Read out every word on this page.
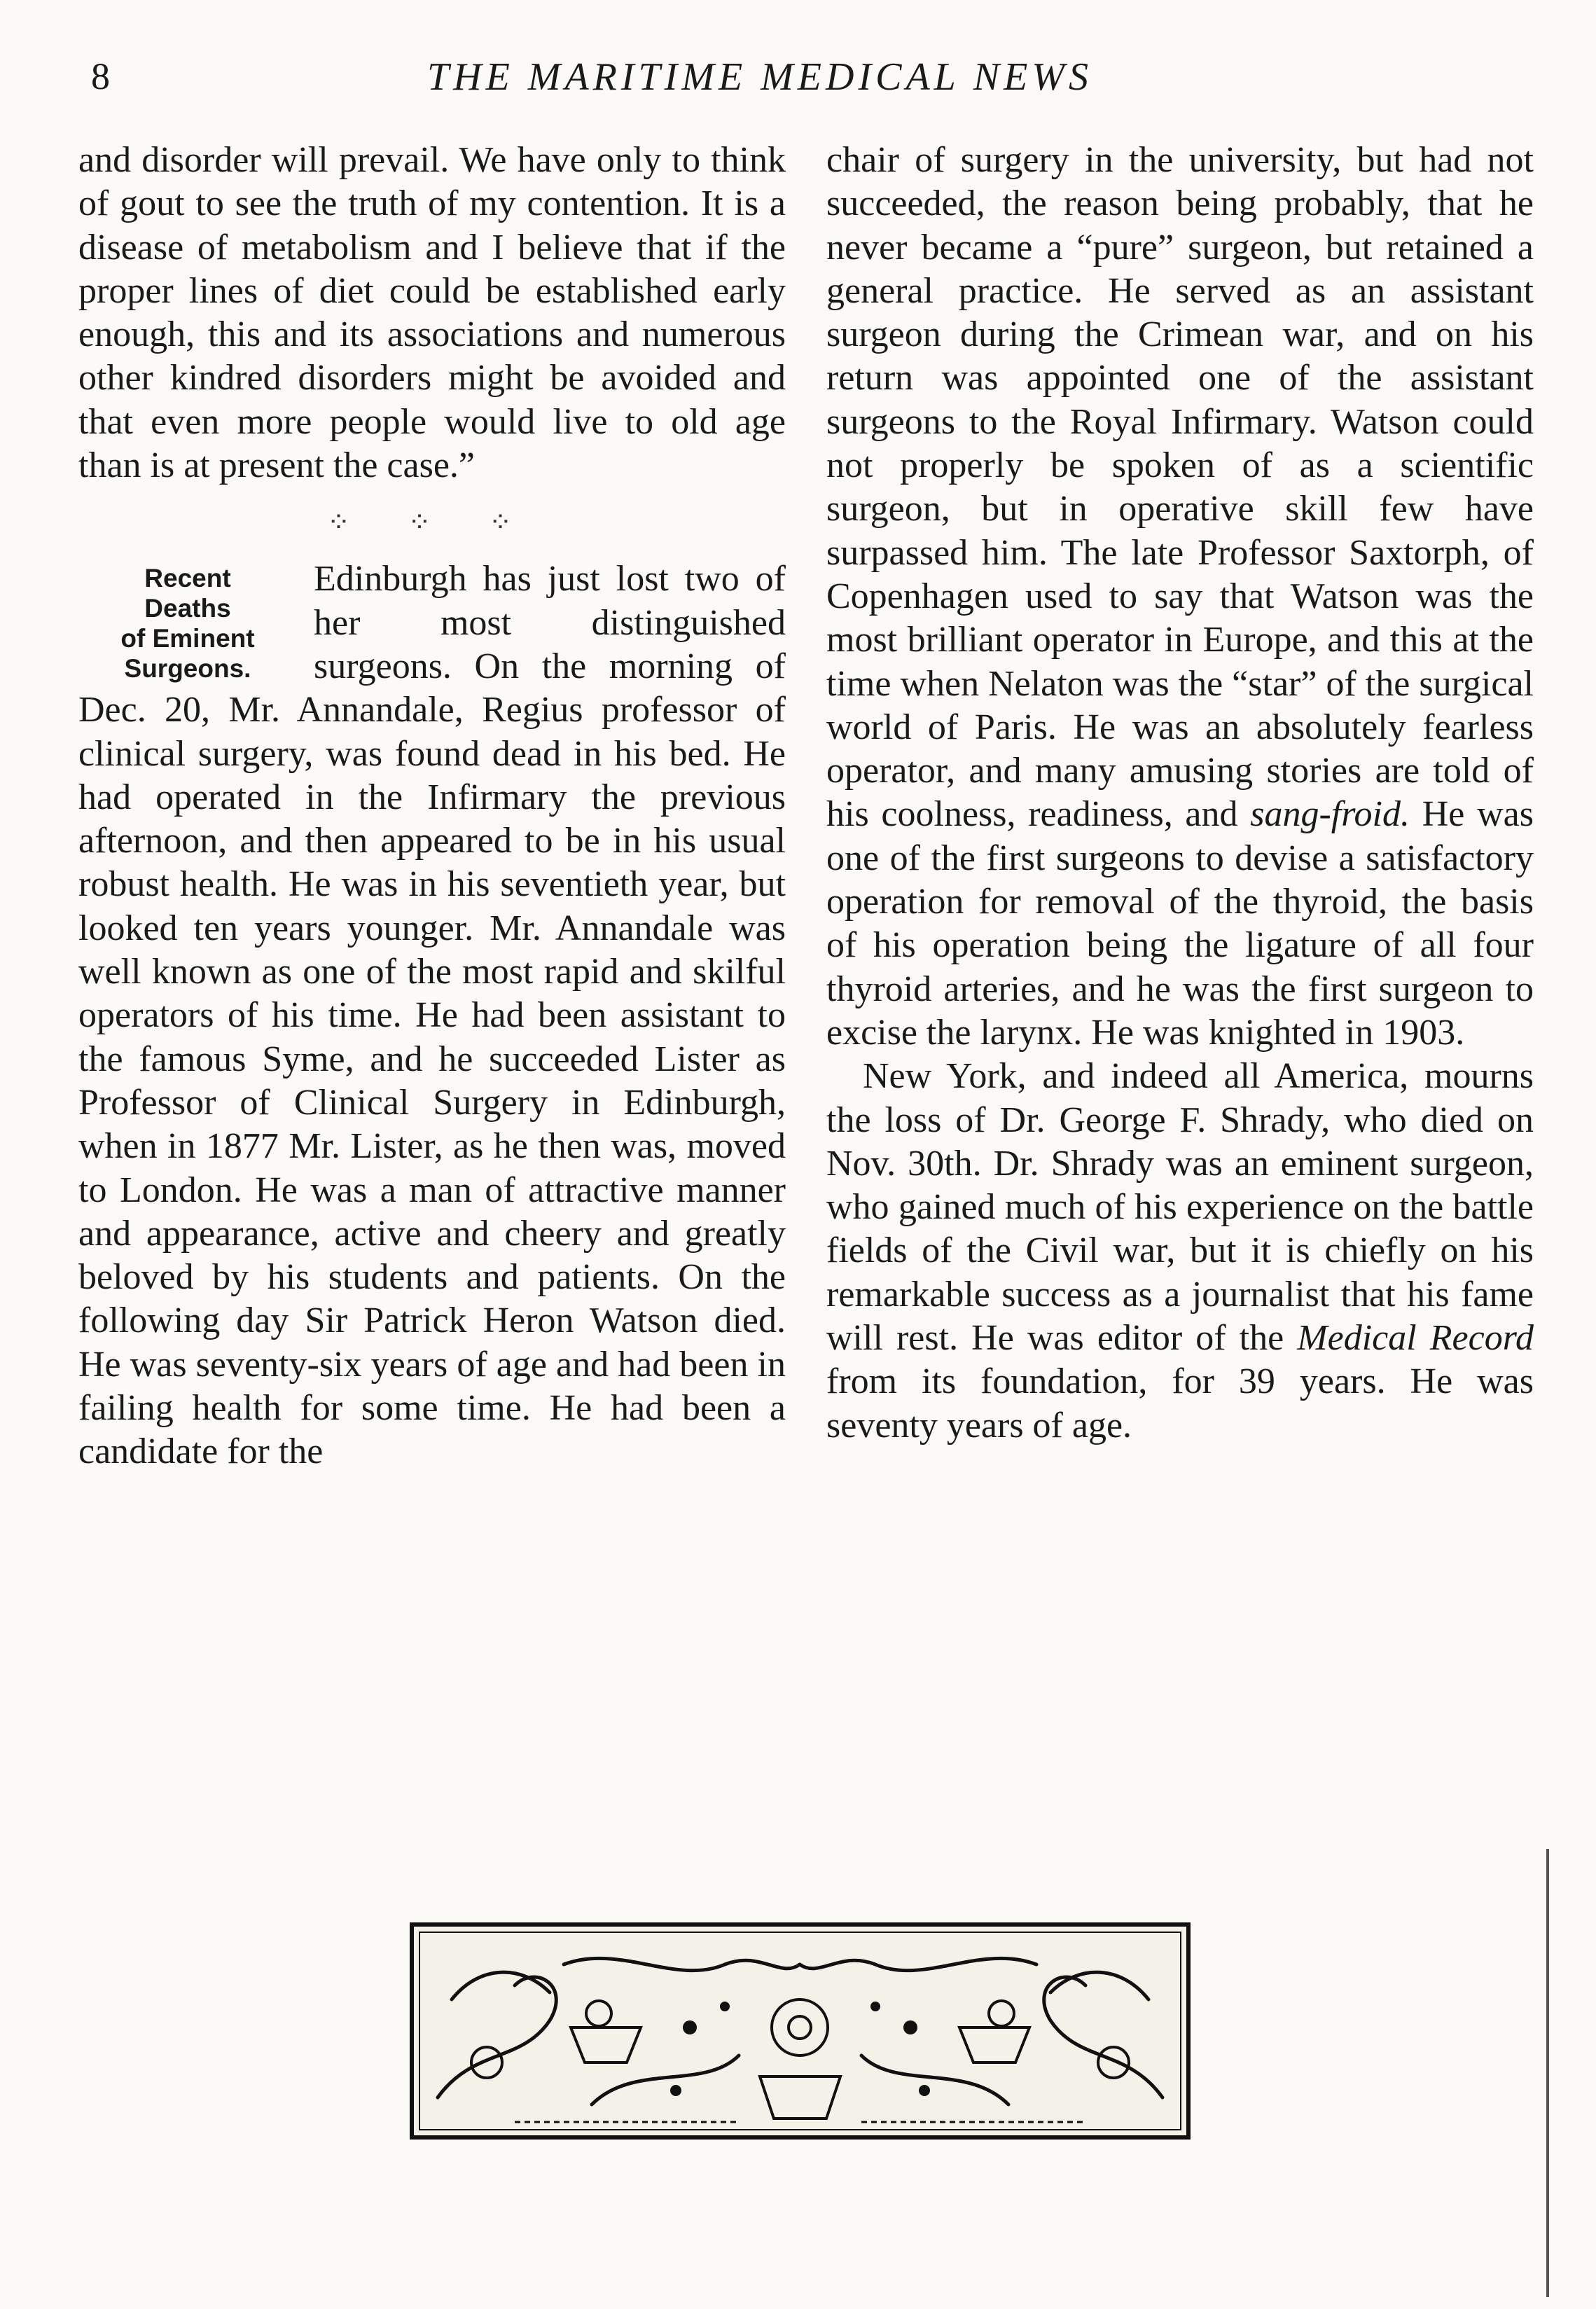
8	THE MARITIME MEDICAL NEWS

and disorder will prevail. We have only to think of gout to see the truth of my contention. It is a disease of metabolism and I believe that if the proper lines of diet could be established early enough, this and its associations and numerous other kindred disorders might be avoided and that even more people would live to old age than is at present the case.”

⁘ ⁘ ⁘
Recent
Deaths
of Eminent
Surgeons.

Edinburgh has just lost two of her most distinguished surgeons. On the morning of Dec. 20, Mr. Annandale, Regius professor of clinical surgery, was found dead in his bed. He had operated in the Infirmary the previous afternoon, and then appeared to be in his usual robust health. He was in his seventieth year, but looked ten years younger. Mr. Annandale was well known as one of the most rapid and skilful operators of his time. He had been assistant to the famous Syme, and he succeeded Lister as Professor of Clinical Surgery in Edinburgh, when in 1877 Mr. Lister, as he then was, moved to London. He was a man of attractive manner and appearance, active and cheery and greatly beloved by his students and patients. On the following day Sir Patrick Heron Watson died. He was seventy-six years of age and had been in failing health for some time. He had been a candidate for the

chair of surgery in the university, but had not succeeded, the reason being probably, that he never became a “pure” surgeon, but retained a general practice. He served as an assistant surgeon during the Crimean war, and on his return was appointed one of the assistant surgeons to the Royal Infirmary. Watson could not properly be spoken of as a scientific surgeon, but in operative skill few have surpassed him. The late Professor Saxtorph, of Copenhagen used to say that Watson was the most brilliant operator in Europe, and this at the time when Nelaton was the “star” of the surgical world of Paris. He was an absolutely fearless operator, and many amusing stories are told of his coolness, readiness, and sang-froid. He was one of the first surgeons to devise a satisfactory operation for removal of the thyroid, the basis of his operation being the ligature of all four thyroid arteries, and he was the first surgeon to excise the larynx. He was knighted in 1903.

New York, and indeed all America, mourns the loss of Dr. George F. Shrady, who died on Nov. 30th. Dr. Shrady was an eminent surgeon, who gained much of his experience on the battle fields of the Civil war, but it is chiefly on his remarkable success as a journalist that his fame will rest. He was editor of the Medical Record from its foundation, for 39 years. He was seventy years of age.
